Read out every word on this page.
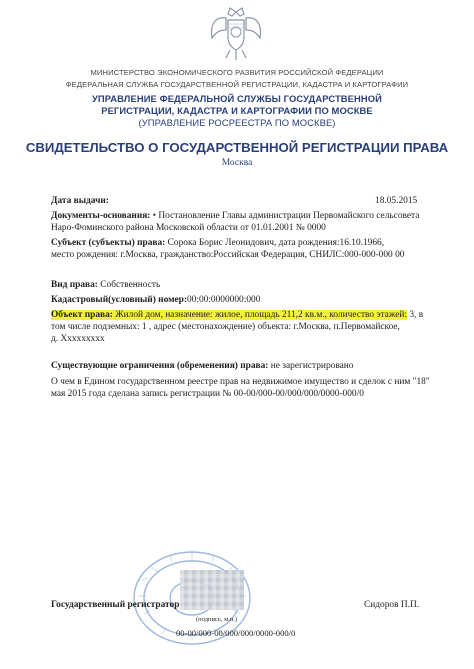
МИНИСТЕРСТВО ЭКОНОМИЧЕСКОГО РАЗВИТИЯ РОССИЙСКОЙ ФЕДЕРАЦИИ
ФЕДЕРАЛЬНАЯ СЛУЖБА ГОСУДАРСТВЕННОЙ РЕГИСТРАЦИИ, КАДАСТРА И КАРТОГРАФИИ
УПРАВЛЕНИЕ ФЕДЕРАЛЬНОЙ СЛУЖБЫ ГОСУДАРСТВЕННОЙ
РЕГИСТРАЦИИ, КАДАСТРА И КАРТОГРАФИИ ПО МОСКВЕ
(УПРАВЛЕНИЕ РОСРЕЕСТРА ПО МОСКВЕ)
СВИДЕТЕЛЬСТВО О ГОСУДАРСТВЕННОЙ РЕГИСТРАЦИИ ПРАВА
Москва
Дата выдачи:	18.05.2015
Документы-основания: • Постановление Главы администрации Первомайского сельсовета
Наро-Фоминского района Московской области от 01.01.2001 № 0000
Субъект (субъекты) права: Сорока Борис Леонидович, дата рождения:16.10.1966,
место рождения: г.Москва, гражданство:Российская Федерация, СНИЛС:000-000-000 00
Вид права: Собственность
Кадастровый(условный) номер:00:00:0000000:000
Объект права: Жилой дом, назначение: жилое, площадь 211,2 кв.м., количество этажей: 3, в
том числе подземных: 1 , адрес (местонахождение) объекта: г.Москва, п.Первомайское,
д. Xxxxxxxxx
Существующие ограничения (обременения) права: не зарегистрировано
О чем в Едином государственном реестре прав на недвижимое имущество и сделок с ним "18"
мая 2015 года сделана запись регистрации № 00-00/000-00/000/000/0000-000/0
Государственный регистратор	Сидоров П.П.
(подпись, м.п.)
00-00/000-00/000/000/0000-000/0
